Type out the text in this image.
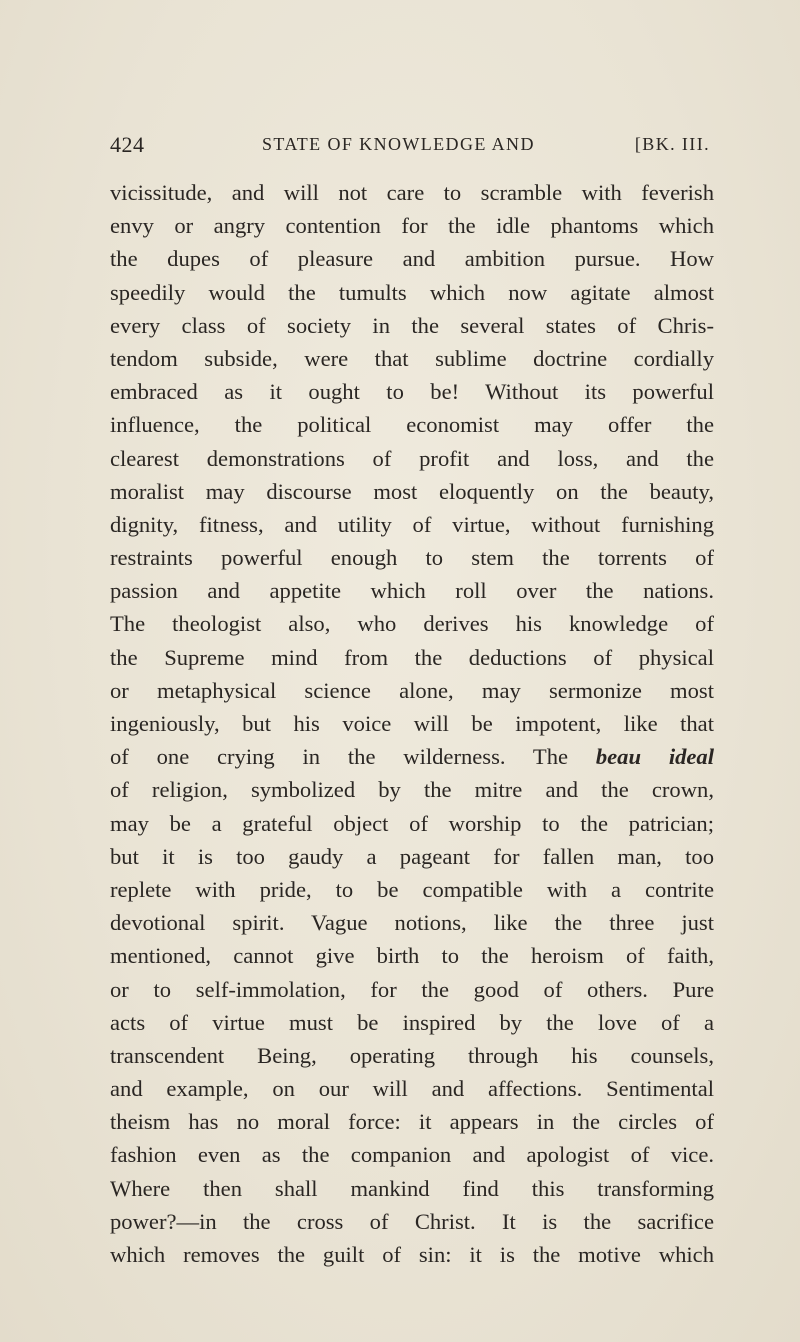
424	STATE OF KNOWLEDGE AND	[BK. III.
vicissitude, and will not care to scramble with feverish
envy or angry contention for the idle phantoms which
the dupes of pleasure and ambition pursue. How
speedily would the tumults which now agitate almost
every class of society in the several states of Chris-
tendom subside, were that sublime doctrine cordially
embraced as it ought to be! Without its powerful
influence, the political economist may offer the
clearest demonstrations of profit and loss, and the
moralist may discourse most eloquently on the beauty,
dignity, fitness, and utility of virtue, without furnishing
restraints powerful enough to stem the torrents of
passion and appetite which roll over the nations.
The theologist also, who derives his knowledge of
the Supreme mind from the deductions of physical
or metaphysical science alone, may sermonize most
ingeniously, but his voice will be impotent, like that
of one crying in the wilderness. The beau ideal
of religion, symbolized by the mitre and the crown,
may be a grateful object of worship to the patrician;
but it is too gaudy a pageant for fallen man, too
replete with pride, to be compatible with a contrite
devotional spirit. Vague notions, like the three just
mentioned, cannot give birth to the heroism of faith,
or to self-immolation, for the good of others. Pure
acts of virtue must be inspired by the love of a
transcendent Being, operating through his counsels,
and example, on our will and affections. Sentimental
theism has no moral force: it appears in the circles of
fashion even as the companion and apologist of vice.
Where then shall mankind find this transforming
power?—in the cross of Christ. It is the sacrifice
which removes the guilt of sin: it is the motive which
